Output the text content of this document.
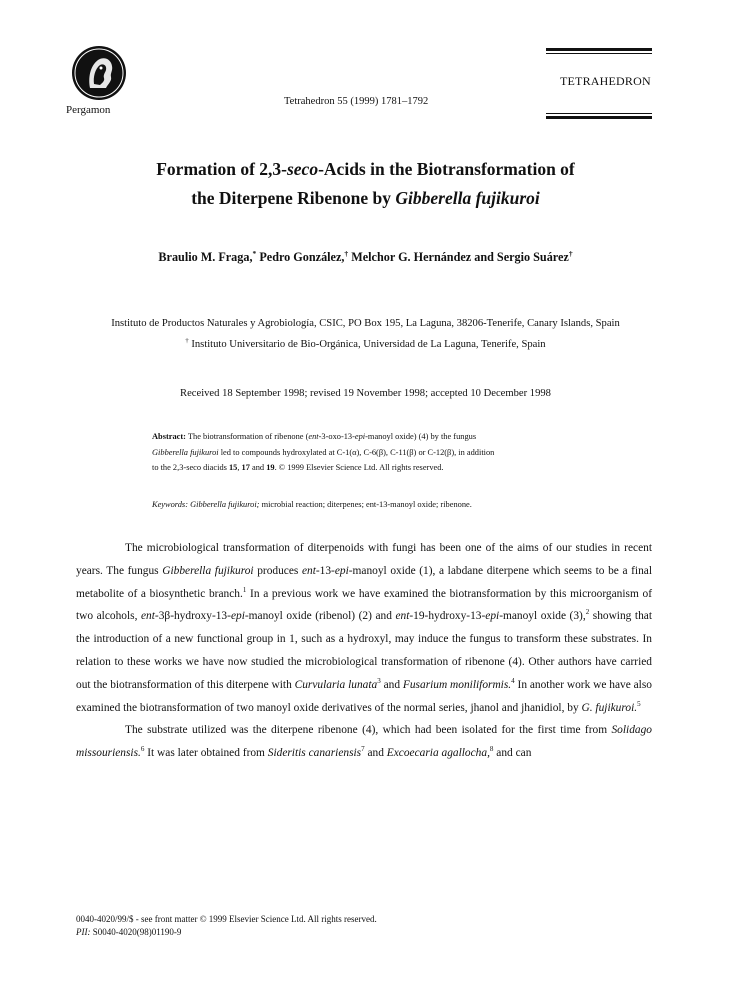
Pergamon
Tetrahedron 55 (1999) 1781–1792
TETRAHEDRON
Formation of 2,3-seco-Acids in the Biotransformation of
the Diterpene Ribenone by Gibberella fujikuroi
Braulio M. Fraga,* Pedro González,† Melchor G. Hernández and Sergio Suárez†
Instituto de Productos Naturales y Agrobiología, CSIC, PO Box 195, La Laguna, 38206-Tenerife, Canary Islands, Spain
† Instituto Universitario de Bio-Orgánica, Universidad de La Laguna, Tenerife, Spain
Received 18 September 1998; revised 19 November 1998; accepted 10 December 1998
Abstract: The biotransformation of ribenone (ent-3-oxo-13-epi-manoyl oxide) (4) by the fungus
Gibberella fujikuroi led to compounds hydroxylated at C-1(α), C-6(β), C-11(β) or C-12(β), in addition
to the 2,3-seco diacids 15, 17 and 19. © 1999 Elsevier Science Ltd. All rights reserved.
Keywords: Gibberella fujikuroi; microbial reaction; diterpenes; ent-13-manoyl oxide; ribenone.

The microbiological transformation of diterpenoids with fungi has been one of the aims of our studies in recent years. The fungus Gibberella fujikuroi produces ent-13-epi-manoyl oxide (1), a labdane diterpene which seems to be a final metabolite of a biosynthetic branch.$^1$ In a previous work we have examined the biotransformation by this microorganism of two alcohols, ent-3β-hydroxy-13-epi-manoyl oxide (ribenol) (2) and ent-19-hydroxy-13-epi-manoyl oxide (3),$^2$ showing that the introduction of a new functional group in 1, such as a hydroxyl, may induce the fungus to transform these substrates. In relation to these works we have now studied the microbiological transformation of ribenone (4). Other authors have carried out the biotransformation of this diterpene with Curvularia lunata$^3$ and Fusarium moniliformis.$^4$ In another work we have also examined the biotransformation of two manoyl oxide derivatives of the normal series, jhanol and jhanidiol, by G. fujikuroi.$^5$

The substrate utilized was the diterpene ribenone (4), which had been isolated for the first time from Solidago missouriensis.$^6$ It was later obtained from Sideritis canariensis$^7$ and Excoecaria agallocha,$^8$ and can

0040-4020/99/$ - see front matter © 1999 Elsevier Science Ltd. All rights reserved.
PII: S0040-4020(98)01190-9
